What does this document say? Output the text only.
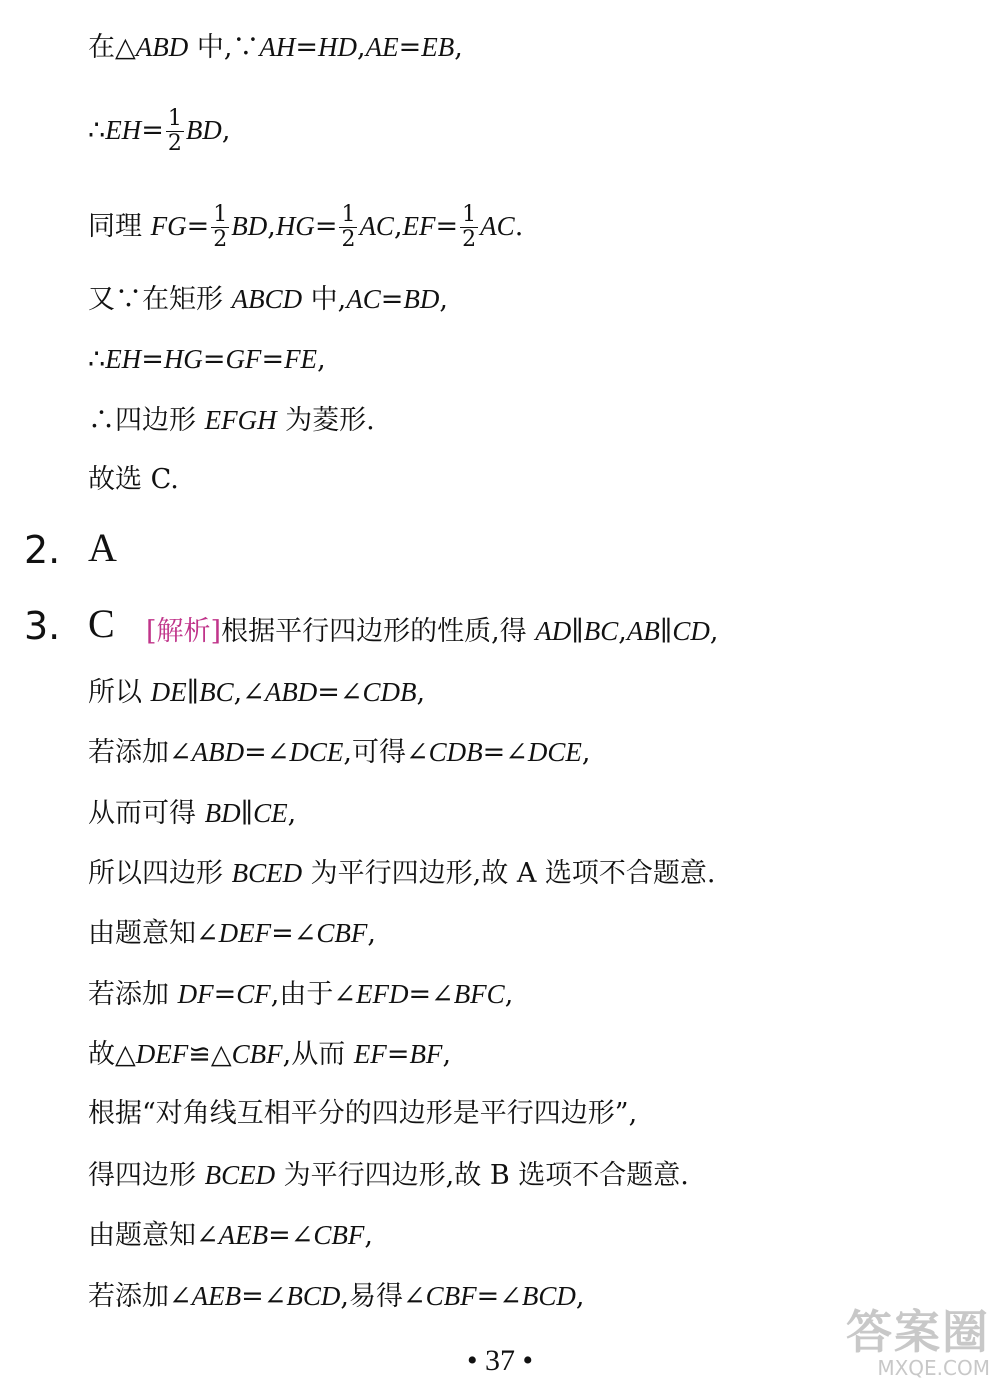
在△ABD 中,∵AH=HD,AE=EB,
∴EH= $\frac{1}{2}$ BD,
同理 $FG= \frac{1}{2} BD,HG= \frac{1}{2} AC,EF= \frac{1}{2}$ AC.
又∵在矩形 ABCD 中,AC=BD,
∴EH=HG=GF=FE,
∴四边形 EFGH 为菱形.
故选 C.
2. A
3. C [解析]根据平行四边形的性质,得 AD∥BC,AB∥CD,
所以 DE∥BC,∠ABD=∠CDB,
若添加∠ABD=∠DCE,可得∠CDB=∠DCE,
从而可得 BD∥CE,
所以四边形 BCED 为平行四边形,故 A 选项不合题意.
由题意知∠DEF=∠CBF,
若添加 DF=CF,由于∠EFD=∠BFC,
故△DEF≌△CBF,从而 EF=BF,
根据“对角线互相平分的四边形是平行四边形”,
得四边形 BCED 为平行四边形,故 B 选项不合题意.
由题意知∠AEB=∠CBF,
若添加∠AEB=∠BCD,易得∠CBF=∠BCD,
• 37 •
答案圈
MXQE.COM
